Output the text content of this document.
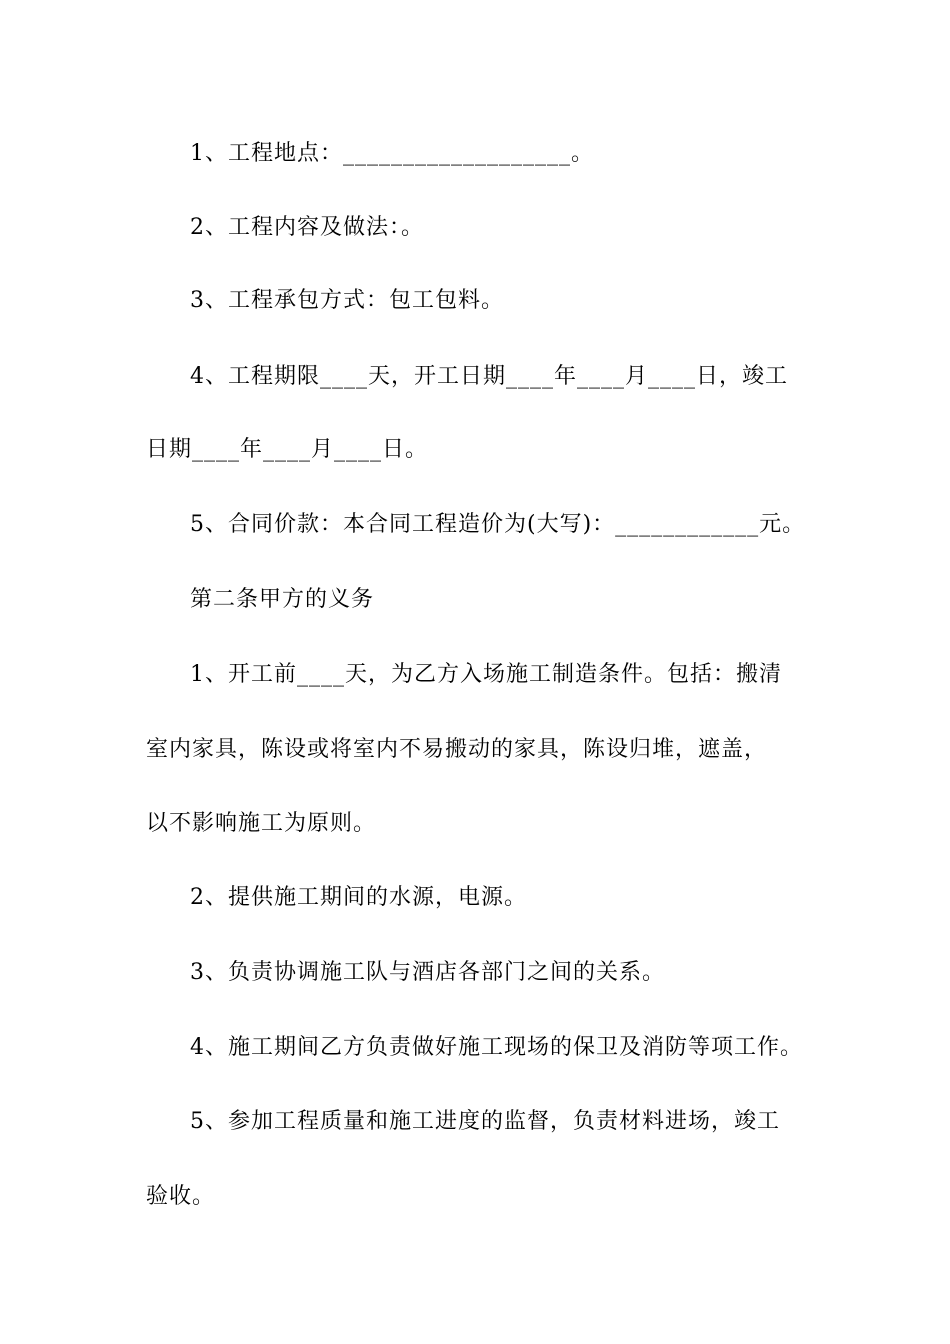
1、工程地点：___________________。
2、工程内容及做法：。
3、工程承包方式：包工包料。
4、工程期限____天，开工日期____年____月____日，竣工
日期____年____月____日。
5、合同价款：本合同工程造价为(大写)：____________元。
第二条甲方的义务
1、开工前____天，为乙方入场施工制造条件。包括：搬清
室内家具，陈设或将室内不易搬动的家具，陈设归堆，遮盖，
以不影响施工为原则。
2、提供施工期间的水源，电源。
3、负责协调施工队与酒店各部门之间的关系。
4、施工期间乙方负责做好施工现场的保卫及消防等项工作。
5、参加工程质量和施工进度的监督，负责材料进场，竣工
验收。
